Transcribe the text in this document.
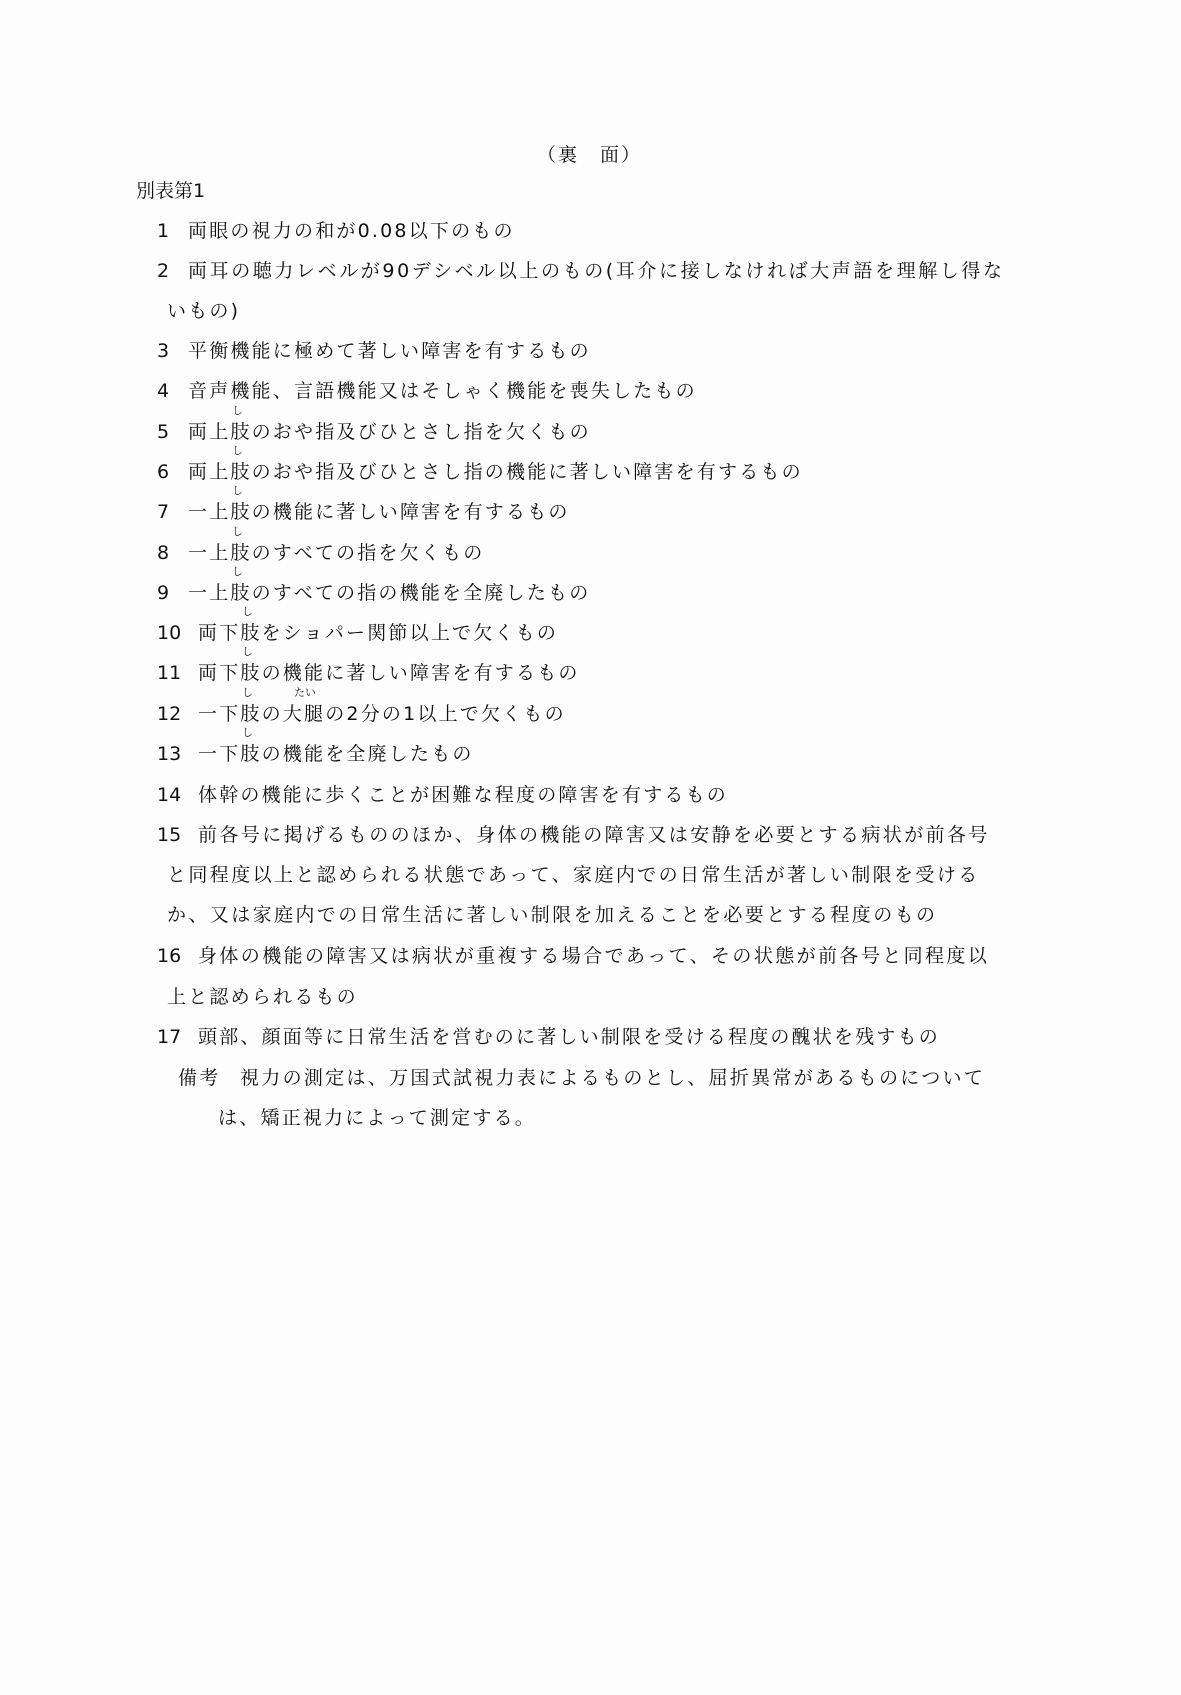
（裏　面）
別表第1
1 両眼の視力の和が0.08以下のもの
2 両耳の聴力レベルが90デシベル以上のもの(耳介に接しなければ大声語を理解し得な
いもの)
3 平衡機能に極めて著しい障害を有するもの
4 音声機能、言語機能又はそしゃく機能を喪失したもの
し
5 両上肢のおや指及びひとさし指を欠くもの
し
6 両上肢のおや指及びひとさし指の機能に著しい障害を有するもの
し
7 一上肢の機能に著しい障害を有するもの
し
8 一上肢のすべての指を欠くもの
し
9 一上肢のすべての指の機能を全廃したもの
し
10 両下肢をショパー関節以上で欠くもの
し
11 両下肢の機能に著しい障害を有するもの
し	たい
12 一下肢の大腿の2分の1以上で欠くもの
し
13 一下肢の機能を全廃したもの
14 体幹の機能に歩くことが困難な程度の障害を有するもの
15 前各号に掲げるもののほか、身体の機能の障害又は安静を必要とする病状が前各号
と同程度以上と認められる状態であって、家庭内での日常生活が著しい制限を受ける
か、又は家庭内での日常生活に著しい制限を加えることを必要とする程度のもの
16 身体の機能の障害又は病状が重複する場合であって、その状態が前各号と同程度以
上と認められるもの
17 頭部、顔面等に日常生活を営むのに著しい制限を受ける程度の醜状を残すもの
備考 視力の測定は、万国式試視力表によるものとし、屈折異常があるものについて
は、矯正視力によって測定する。
